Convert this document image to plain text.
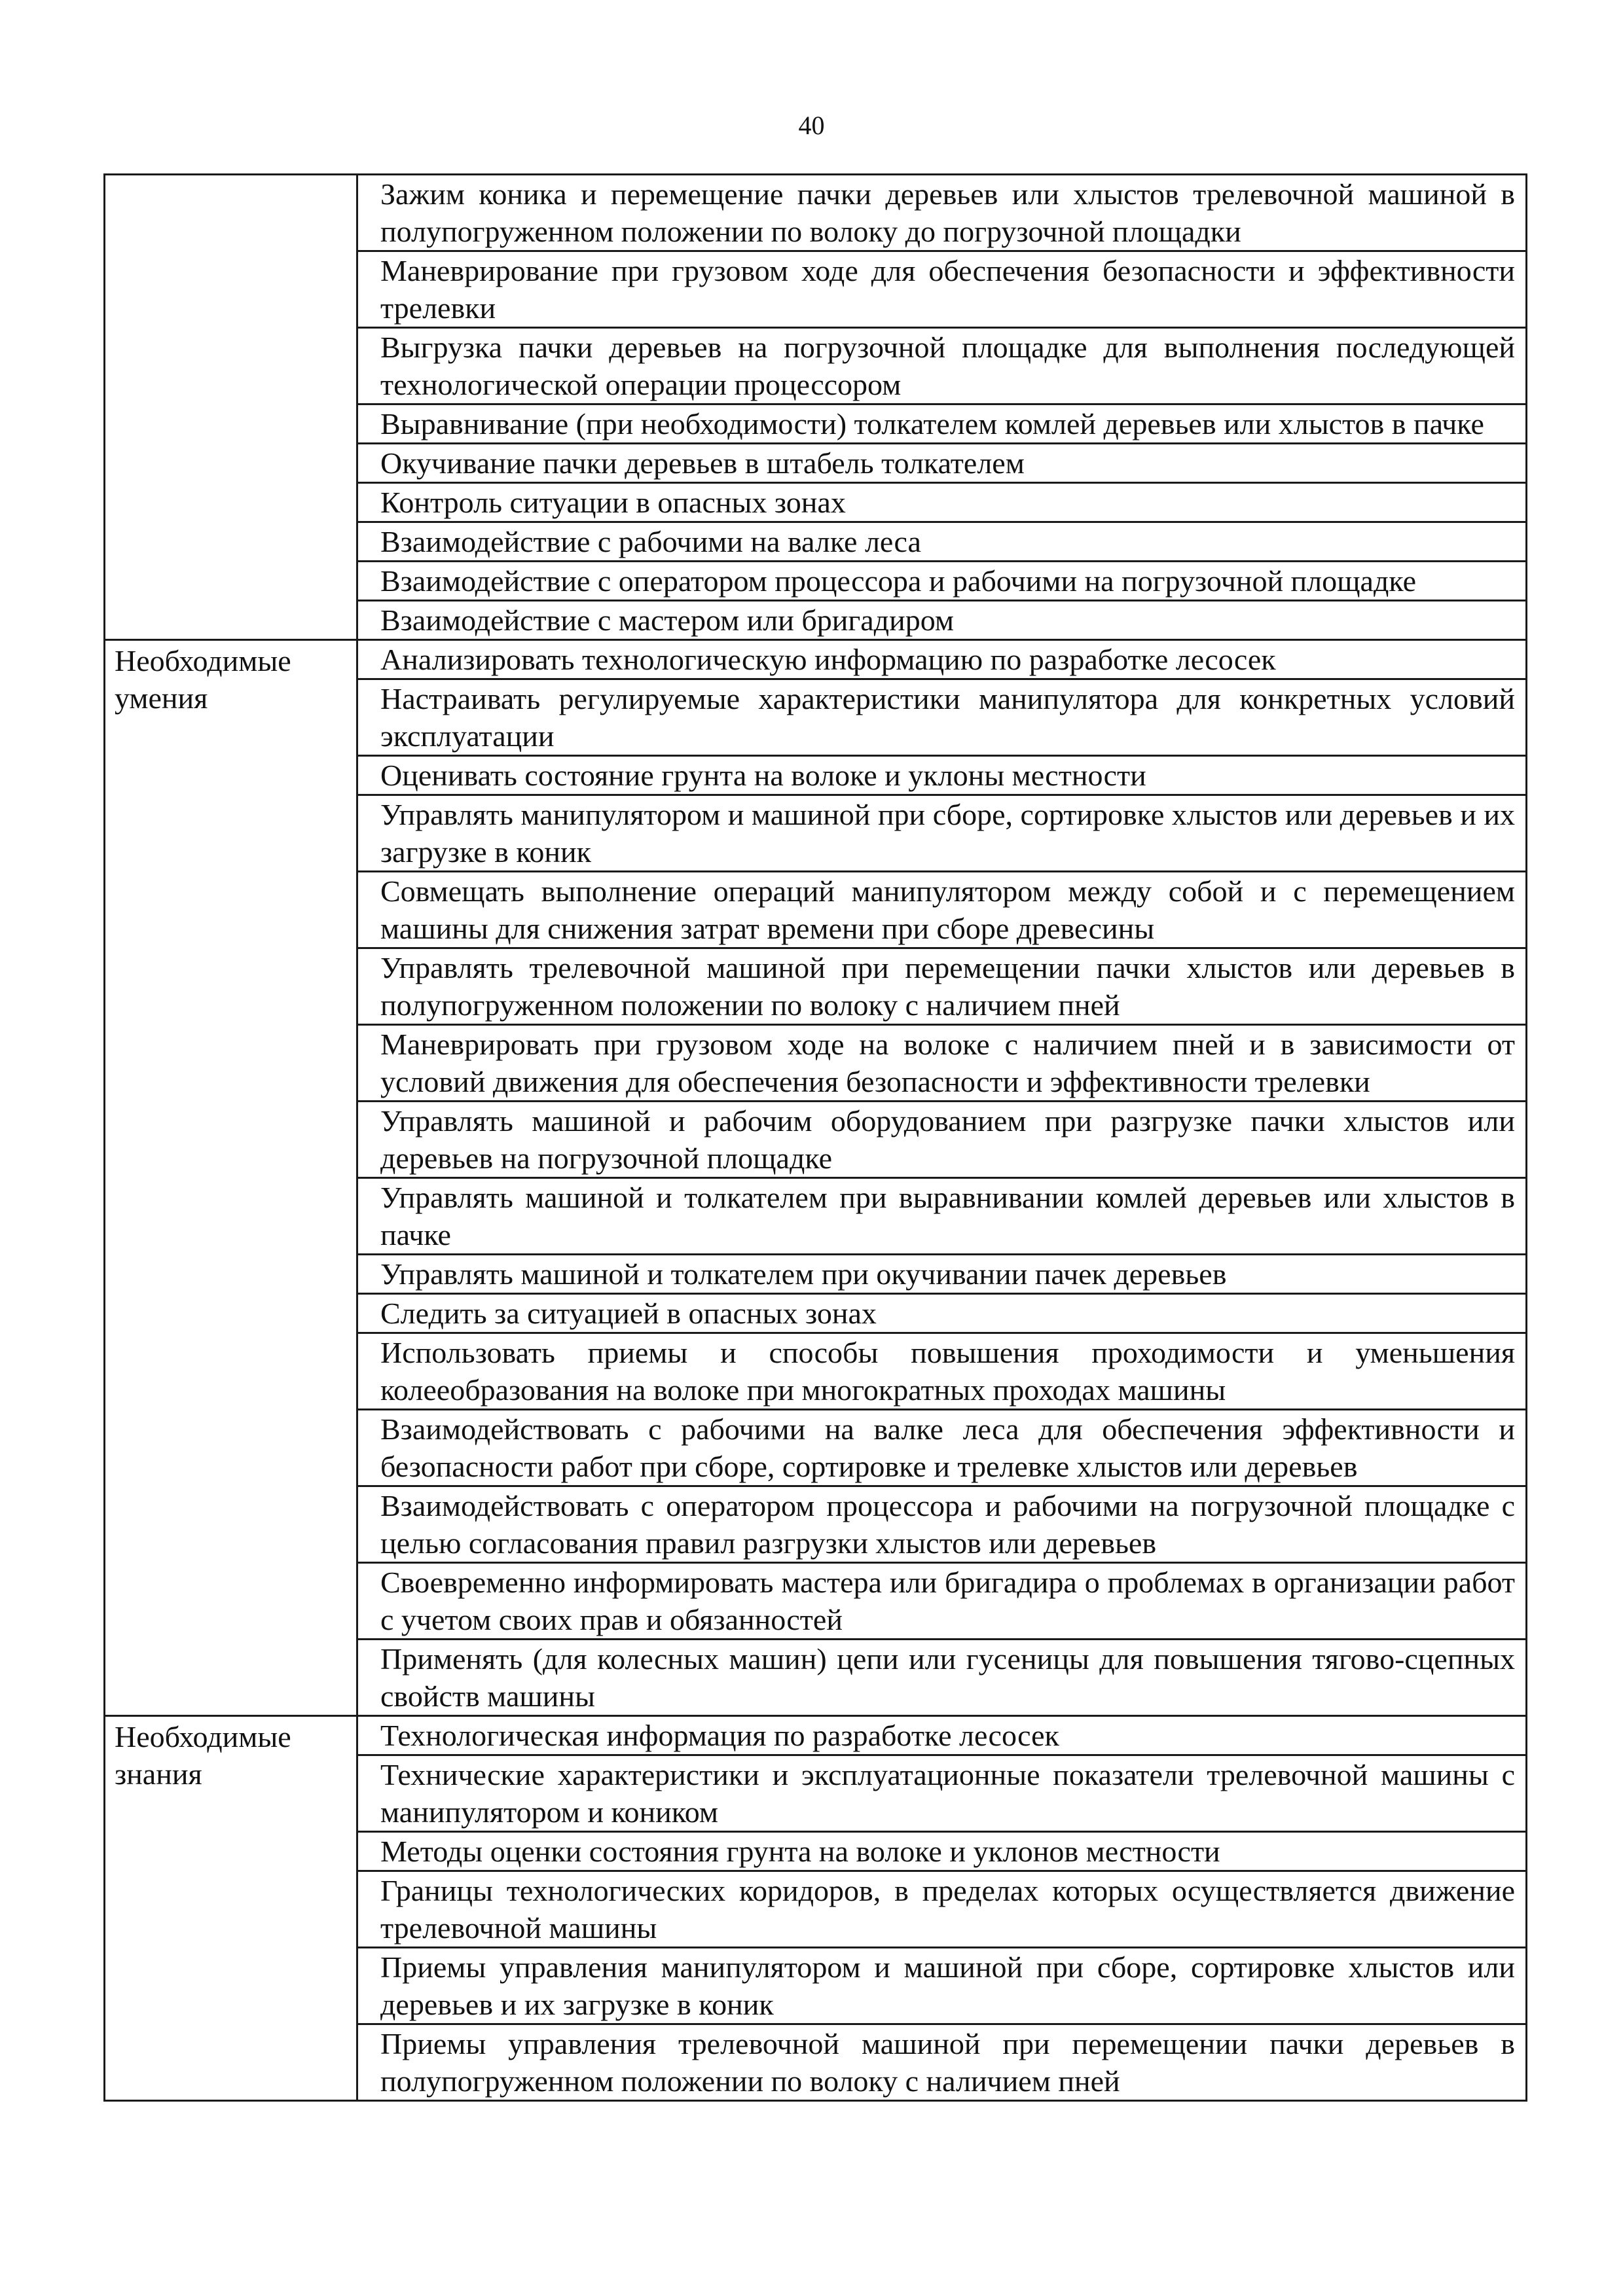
40
	Зажим коника и перемещение пачки деревьев или хлыстов трелевочной машиной в полупогруженном положении по волоку до погрузочной площадки
	Маневрирование при грузовом ходе для обеспечения безопасности и эффективности трелевки
	Выгрузка пачки деревьев на погрузочной площадке для выполнения последующей технологической операции процессором
	Выравнивание (при необходимости) толкателем комлей деревьев или хлыстов в пачке
	Окучивание пачки деревьев в штабель толкателем
	Контроль ситуации в опасных зонах
	Взаимодействие с рабочими на валке леса
	Взаимодействие с оператором процессора и рабочими на погрузочной площадке
	Взаимодействие с мастером или бригадиром
Необходимые умения	Анализировать технологическую информацию по разработке лесосек
	Настраивать регулируемые характеристики манипулятора для конкретных условий эксплуатации
	Оценивать состояние грунта на волоке и уклоны местности
	Управлять манипулятором и машиной при сборе, сортировке хлыстов или деревьев и их загрузке в коник
	Совмещать выполнение операций манипулятором между собой и с перемещением машины для снижения затрат времени при сборе древесины
	Управлять трелевочной машиной при перемещении пачки хлыстов или деревьев в полупогруженном положении по волоку с наличием пней
	Маневрировать при грузовом ходе на волоке с наличием пней и в зависимости от условий движения для обеспечения безопасности и эффективности трелевки
	Управлять машиной и рабочим оборудованием при разгрузке пачки хлыстов или деревьев на погрузочной площадке
	Управлять машиной и толкателем при выравнивании комлей деревьев или хлыстов в пачке
	Управлять машиной и толкателем при окучивании пачек деревьев
	Следить за ситуацией в опасных зонах
	Использовать приемы и способы повышения проходимости и уменьшения колееобразования на волоке при многократных проходах машины
	Взаимодействовать с рабочими на валке леса для обеспечения эффективности и безопасности работ при сборе, сортировке и трелевке хлыстов или деревьев
	Взаимодействовать с оператором процессора и рабочими на погрузочной площадке с целью согласования правил разгрузки хлыстов или деревьев
	Своевременно информировать мастера или бригадира о проблемах в организации работ с учетом своих прав и обязанностей
	Применять (для колесных машин) цепи или гусеницы для повышения тягово-сцепных свойств машины
Необходимые знания	Технологическая информация по разработке лесосек
	Технические характеристики и эксплуатационные показатели трелевочной машины с манипулятором и коником
	Методы оценки состояния грунта на волоке и уклонов местности
	Границы технологических коридоров, в пределах которых осуществляется движение трелевочной машины
	Приемы управления манипулятором и машиной при сборе, сортировке хлыстов или деревьев и их загрузке в коник
	Приемы управления трелевочной машиной при перемещении пачки деревьев в полупогруженном положении по волоку с наличием пней
